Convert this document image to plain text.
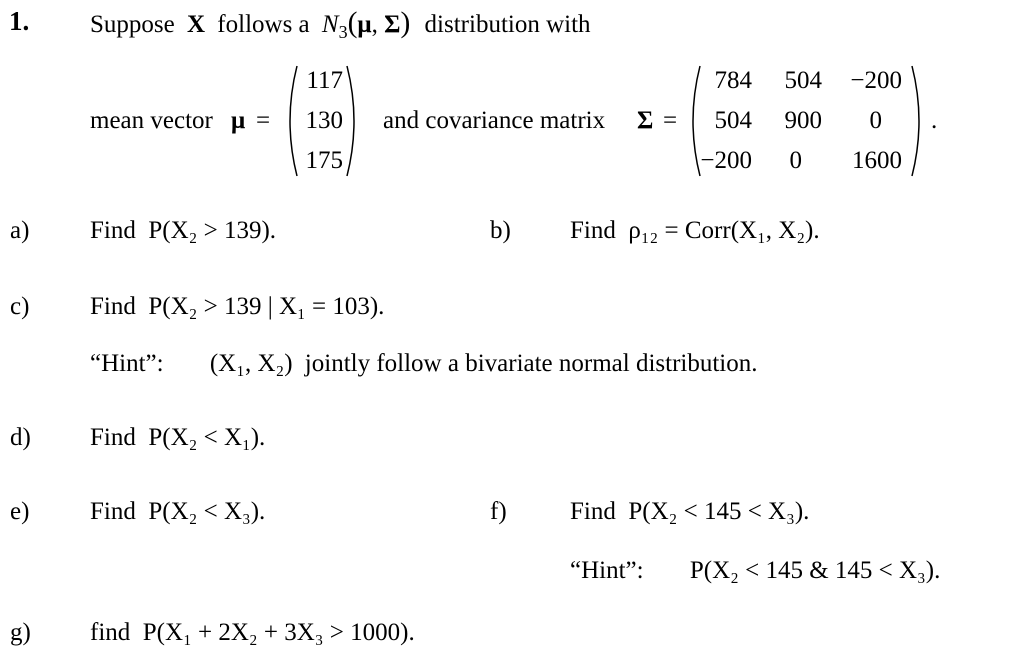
1. Suppose X follows a $N_3(\mu$, Σ) distribution with
mean vector μ =
117
130
175
and covariance matrix Σ =
784 504 −200
504 900 0
−200 0 1600
.
a) Find P(X₂ > 139).	b) Find ρ₁₂ = Corr(X₁, X₂).
c) Find P(X₂ > 139 | X₁ = 103).
“Hint”: (X₁, X₂) jointly follow a bivariate normal distribution.
d) Find P(X₂ < X₁).
e) Find P(X₂ < X₃).	f)	Find P(X₂ < 145 < X₃).
“Hint”: P(X₂ < 145 & 145 < X₃).
g) find P(X₁ + 2X₂ + 3X₃ > 1000).
